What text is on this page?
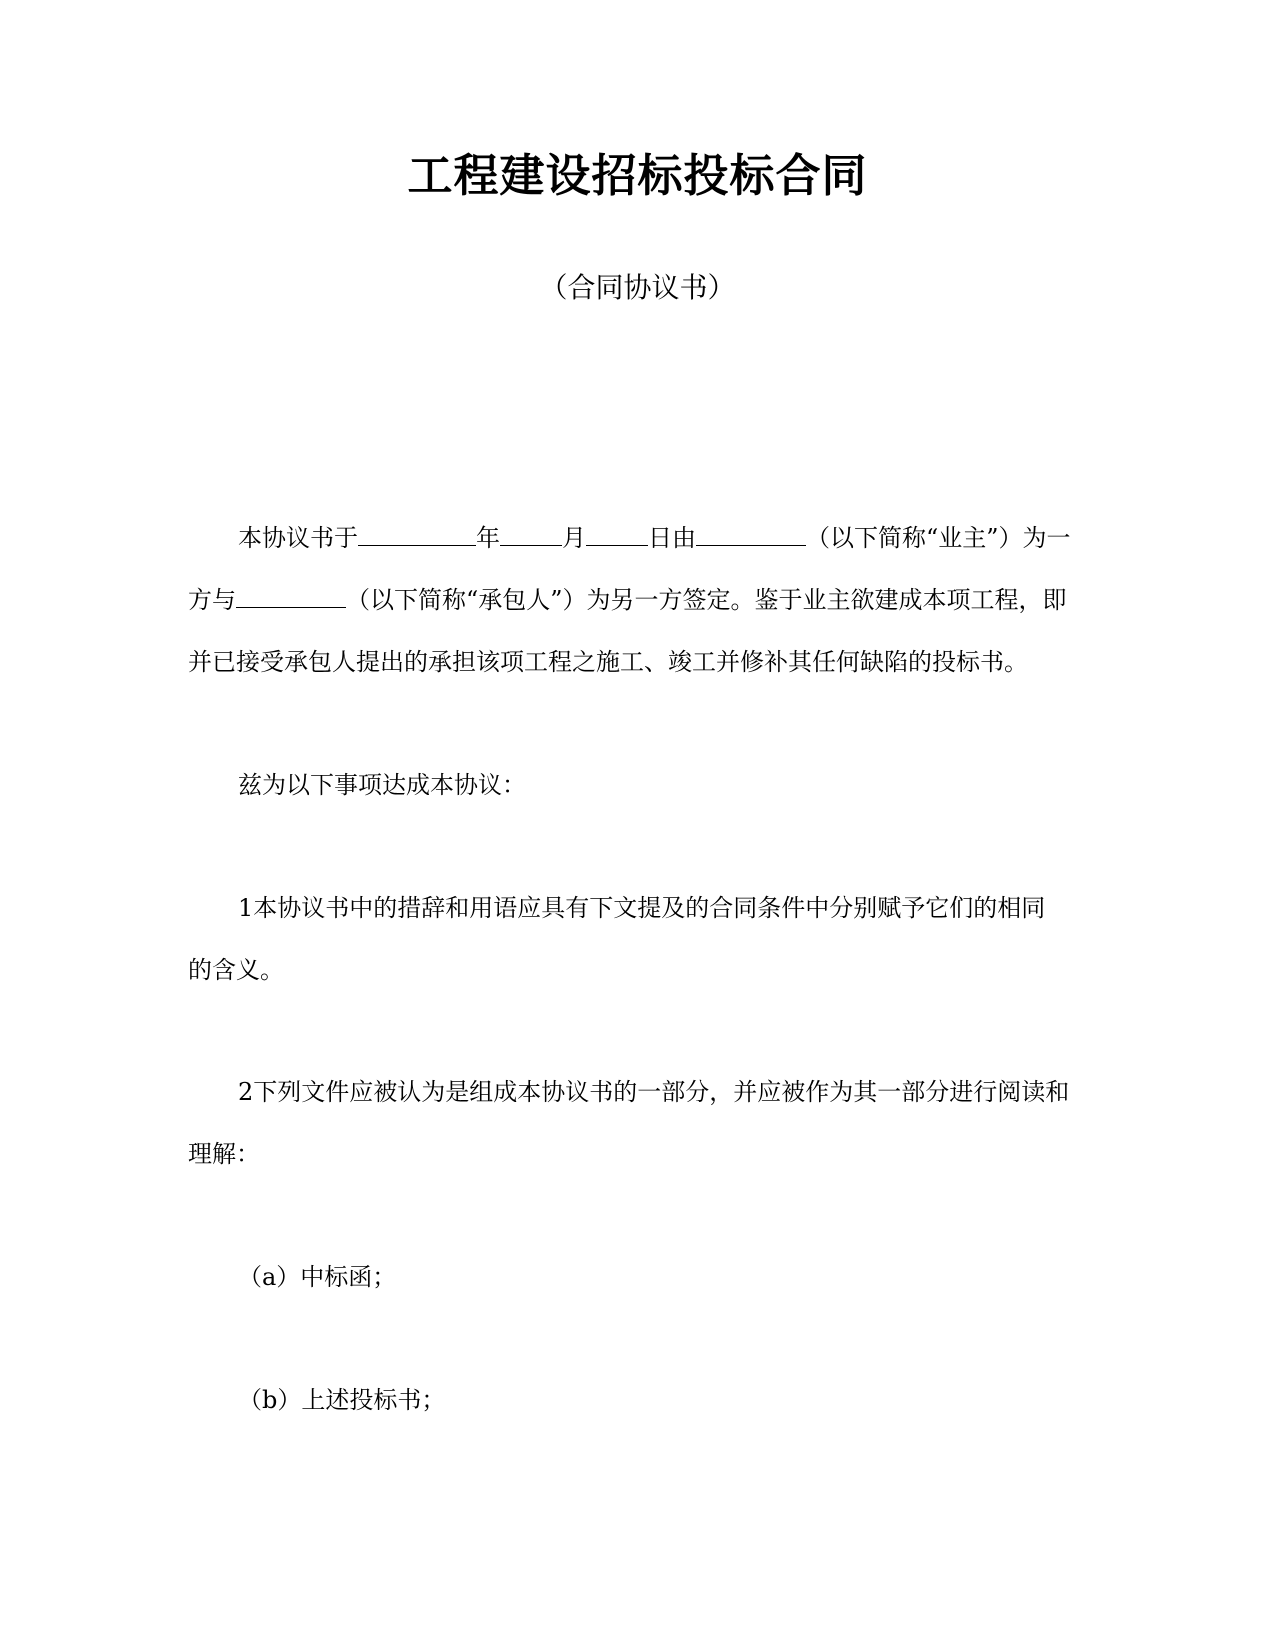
工程建设招标投标合同
（合同协议书）
本协议书于	年	月	日由	（以下简称“业主”）为一
方与	（以下简称“承包人”）为另一方签定。鉴于业主欲建成本项工程，即
并已接受承包人提出的承担该项工程之施工、竣工并修补其任何缺陷的投标书。
兹为以下事项达成本协议：
1本协议书中的措辞和用语应具有下文提及的合同条件中分别赋予它们的相同
的含义。
2下列文件应被认为是组成本协议书的一部分，并应被作为其一部分进行阅读和
理解：
（a）中标函；
（b）上述投标书；
